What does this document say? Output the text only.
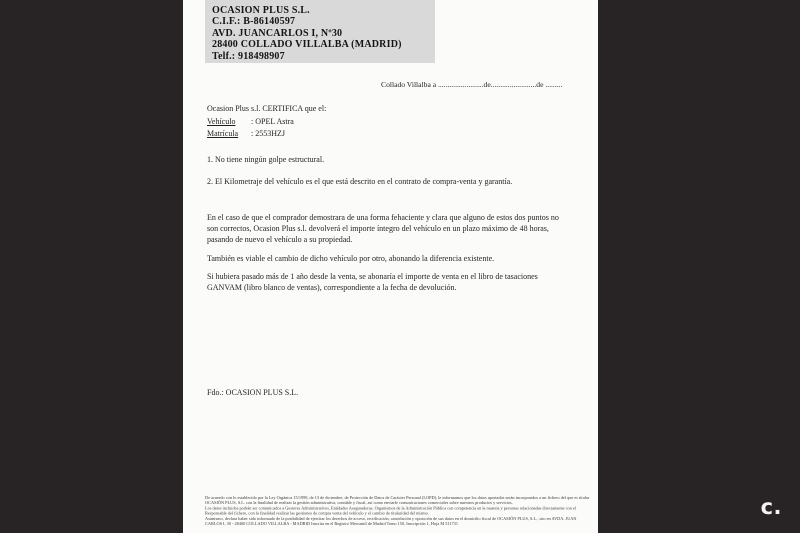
OCASION PLUS S.L.
C.I.F.: B-86140597
AVD. JUANCARLOS I, Nº30
28400 COLLADO VILLALBA (MADRID)
Telf.: 918498907
Collado Villalba a ........................de........................de .........
Ocasion Plus s.l. CERTIFICA que el:
Vehículo : OPEL Astra
Matrícula : 2553HZJ
1. No tiene ningún golpe estructural.
2. El Kilometraje del vehículo es el que está descrito en el contrato de compra-venta y garantía.
En el caso de que el comprador demostrara de una forma fehaciente y clara que alguno de estos dos puntos no
son correctos, Ocasion Plus s.l. devolverá el importe íntegro del vehículo en un plazo máximo de 48 horas,
pasando de nuevo el vehículo a su propiedad.
También es viable el cambio de dicho vehículo por otro, abonando la diferencia existente.
Si hubiera pasado más de 1 año desde la venta, se abonaría el importe de venta en el libro de tasaciones
GANVAM (libro blanco de ventas), correspondiente a la fecha de devolución.
Fdo.: OCASION PLUS S.L.
De acuerdo con lo establecido por la Ley Orgánica 15/1999, de 13 de diciembre, de Protección de Datos de Carácter Personal (LOPD), le informamos que los datos aportados serán incorporados a un fichero del que es titular
OCASIÓN PLUS, S.L. con la finalidad de realizar la gestión administrativa, contable y fiscal, así como enviarle comunicaciones comerciales sobre nuestros productos y servicios.
Los datos incluidos podrán ser comunicados a Gestores Administrativos, Entidades Aseguradoras, Organismos de la Administración Pública con competencia en la materia y personas relacionadas directamente con el
Responsable del fichero, con la finalidad realizar las gestiones de compra venta del vehículo y el cambio de titularidad del mismo.
Asimismo, declara haber sido informado de la posibilidad de ejercitar los derechos de acceso, rectificación, cancelación y oposición de sus datos en el domicilio fiscal de OCASIÓN PLUS, S.L., sito en AVDA. JUAN
CARLOS I, 30 - 28400 COLLADO VILLALBA - MADRID Inscrita en el Registro Mercantil de Madrid Tomo 150, Inscripción 1, Hoja M 511731
c.
